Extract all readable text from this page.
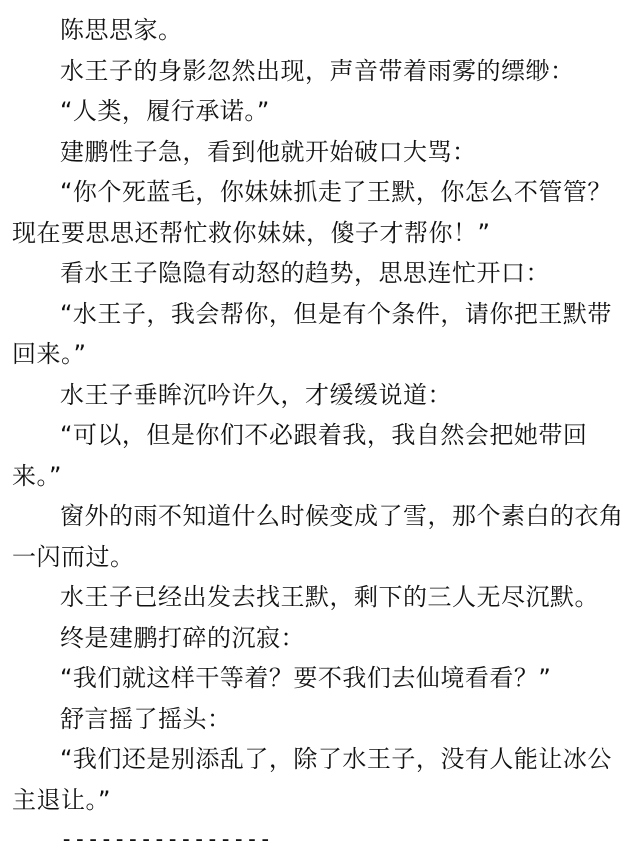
陈思思家。

水王子的身影忽然出现，声音带着雨雾的缥缈：

“人类，履行承诺。”

建鹏性子急，看到他就开始破口大骂：

“你个死蓝毛，你妹妹抓走了王默，你怎么不管管？现在要思思还帮忙救你妹妹，傻子才帮你！”

看水王子隐隐有动怒的趋势，思思连忙开口：

“水王子，我会帮你，但是有个条件，请你把王默带回来。”

水王子垂眸沉吟许久，才缓缓说道：

“可以，但是你们不必跟着我，我自然会把她带回来。”

窗外的雨不知道什么时候变成了雪，那个素白的衣角一闪而过。

水王子已经出发去找王默，剩下的三人无尽沉默。

终是建鹏打碎的沉寂：

“我们就这样干等着？要不我们去仙境看看？”

舒言摇了摇头：

“我们还是别添乱了，除了水王子，没有人能让冰公主退让。”

----------------
